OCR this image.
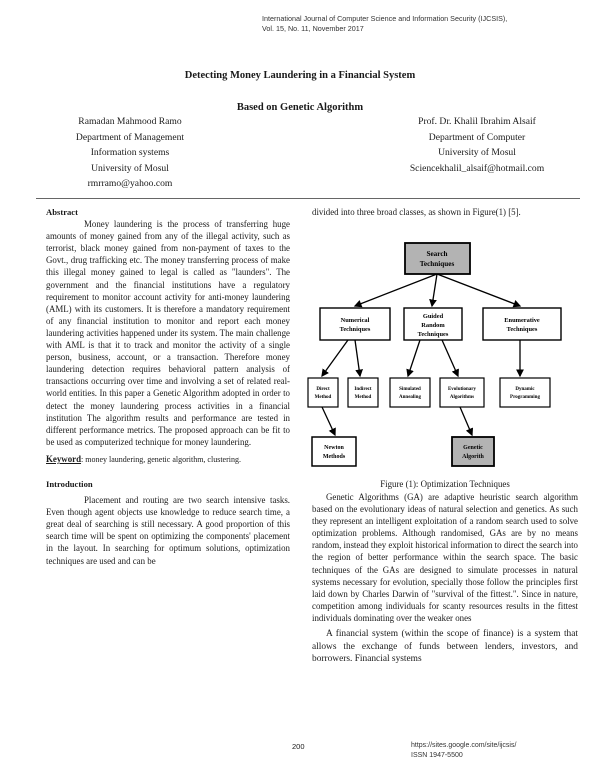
International Journal of Computer Science and Information Security (IJCSIS),
Vol. 15, No. 11, November 2017
Detecting Money Laundering in a Financial System
Based on Genetic Algorithm
Ramadan Mahmood Ramo
Department of Management
Information systems
University of Mosul
rmrramo@yahoo.com
Prof. Dr. Khalil Ibrahim Alsaif
Department of Computer
University of Mosul
Sciencekhalil_alsaif@hotmail.com

Abstract

Money laundering is the process of transferring huge amounts of money gained from any of the illegal activity, such as terrorist, black money gained from non-payment of taxes to the Govt., drug trafficking etc. The money transferring process of make this illegal money gained to legal is called as "launders". The government and the financial institutions have a regulatory requirement to monitor account activity for anti-money laundering (AML) with its customers. It is therefore a mandatory requirement of any financial institution to monitor and report each money laundering activities happened under its system. The main challenge with AML is that it to track and monitor the activity of a single person, business, account, or a transaction. Therefore money laundering detection requires behavioral pattern analysis of transactions occurring over time and involving a set of related real-world entities. In this paper a Genetic Algorithm adopted in order to detect the money laundering process activities in a financial institution The algorithm results and performance are tested in different performance metrics. The proposed approach can be fit to be used as computerized technique for money laundering.

Keyword: money laundering, genetic algorithm, clustering.

Introduction

Placement and routing are two search intensive tasks. Even though agent objects use knowledge to reduce search time, a great deal of searching is still necessary. A good proportion of this search time will be spent on optimizing the components' placement in the layout. In searching for optimum solutions, optimization techniques are used and can be

divided into three broad classes, as shown in Figure(1) [5].
Search
Techniques
Numerical
Techniques
Guided
Random
Techniques
Enumerative
Techniques
Direct
Method
Indirect
Method
Simulated
Annealing
Evolutionary
Algorithms
Dynamic
Programming
Newton
Methods
Genetic
Algorith
Figure (1): Optimization Techniques

Genetic Algorithms (GA) are adaptive heuristic search algorithm based on the evolutionary ideas of natural selection and genetics. As such they represent an intelligent exploitation of a random search used to solve optimization problems. Although randomised, GAs are by no means random, instead they exploit historical information to direct the search into the region of better performance within the search space. The basic techniques of the GAs are designed to simulate processes in natural systems necessary for evolution, specially those follow the principles first laid down by Charles Darwin of "survival of the fittest.". Since in nature, competition among individuals for scanty resources results in the fittest individuals dominating over the weaker ones

A financial system (within the scope of finance) is a system that allows the exchange of funds between lenders, investors, and borrowers. Financial systems

200	https://sites.google.com/site/ijcsis/
ISSN 1947-5500
